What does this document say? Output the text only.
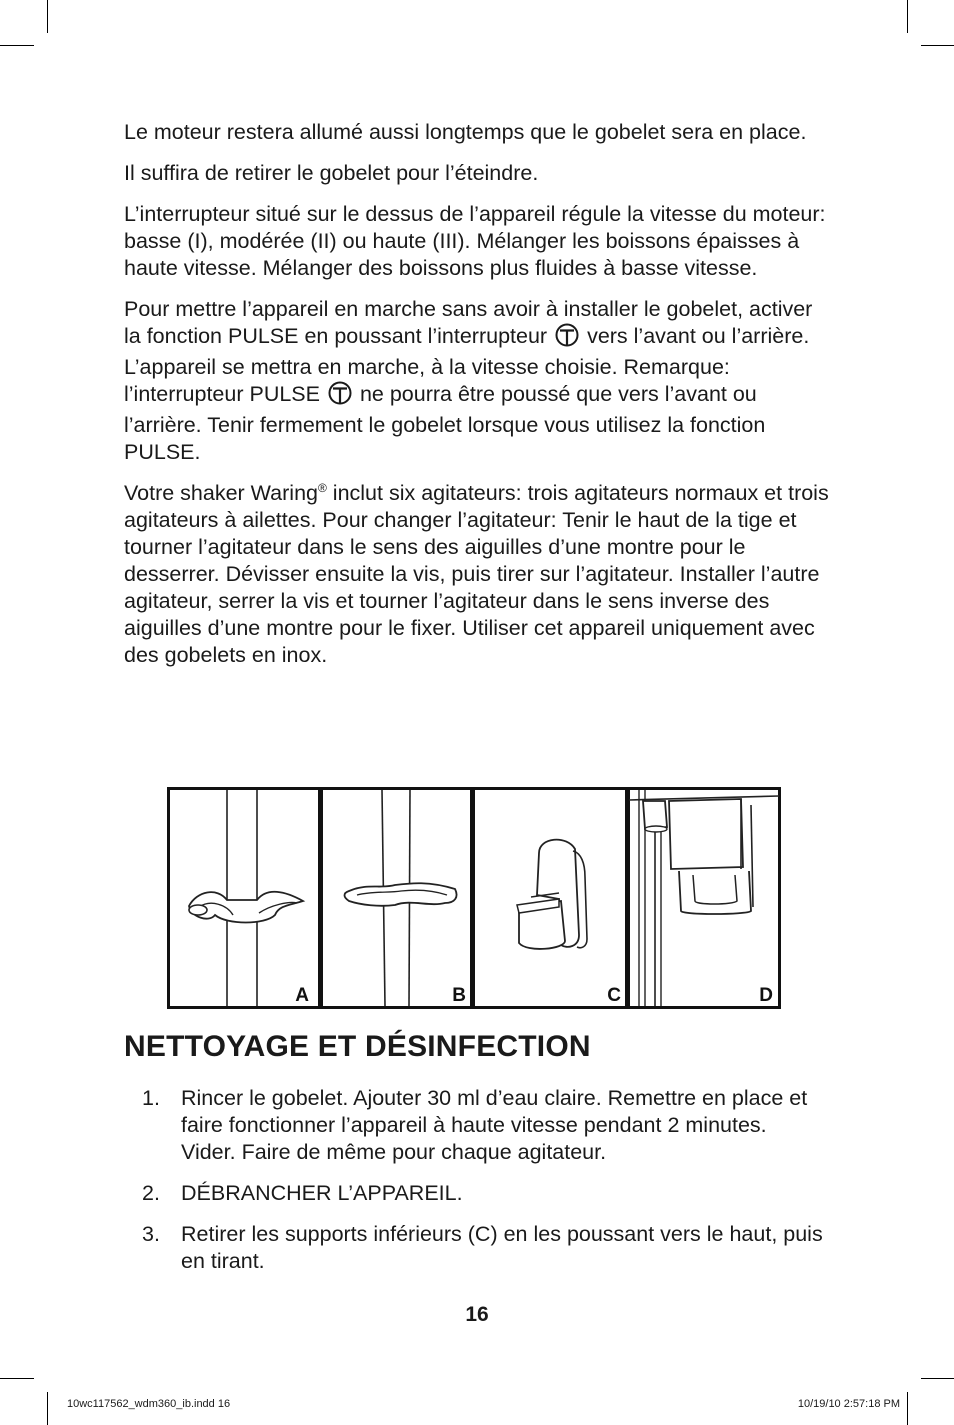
Le moteur restera allumé aussi longtemps que le gobelet sera en place.

Il suffira de retirer le gobelet pour l’éteindre.

L’interrupteur situé sur le dessus de l’appareil régule la vitesse du moteur: basse (I), modérée (II) ou haute (III). Mélanger les boissons épaisses à haute vitesse. Mélanger des boissons plus fluides à basse vitesse.

Pour mettre l’appareil en marche sans avoir à installer le gobelet, activer la fonction PULSE en poussant l’interrupteur vers l’avant ou l’arrière. L’appareil se mettra en marche, à la vitesse choisie. Remarque: l’interrupteur PULSE ne pourra être poussé que vers l’avant ou l’arrière. Tenir fermement le gobelet lorsque vous utilisez la fonction PULSE.

Votre shaker Waring® inclut six agitateurs: trois agitateurs normaux et trois agitateurs à ailettes. Pour changer l’agitateur: Tenir le haut de la tige et tourner l’agitateur dans le sens des aiguilles d’une montre pour le desserrer. Dévisser ensuite la vis, puis tirer sur l’agitateur. Installer l’autre agitateur, serrer la vis et tourner l’agitateur dans le sens inverse des aiguilles d’une montre pour le fixer. Utiliser cet appareil uniquement avec des gobelets en inox.

A	B	C	D
NETTOYAGE ET DÉSINFECTION
1. Rincer le gobelet. Ajouter 30 ml d’eau claire. Remettre en place et faire fonctionner l’appareil à haute vitesse pendant 2 minutes. Vider. Faire de même pour chaque agitateur.
2. DÉBRANCHER L’APPAREIL.
3. Retirer les supports inférieurs (C) en les poussant vers le haut, puis en tirant.
16
10wc117562_wdm360_ib.indd 16	10/19/10 2:57:18 PM
